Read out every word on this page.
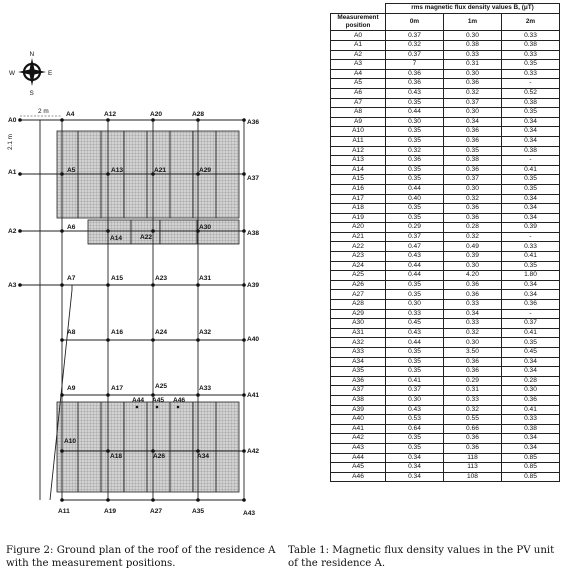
N
S
W	E
2 m
2.1 m
A0
A1
A2
A3
A4
A5
A6
A7
A8
A9
A10
A11
A12
A13
A14
A15
A16
A17
A18
A19
A20
A21
A22
A23
A24
A25
A26
A27
A28
A29
A30
A31
A32
A33
A34
A35
A36
A37
A38
A39
A40
A41
A42
A43
A44 A45 A46
	rms magnetic flux density values B, (μT)		
Measurement position	0m	1m	2m
A0	0.37	0.30	0.33
A1	0.32	0.38	0.38
A2	0.37	0.33	0.33
A3	7	0.31	0.35
A4	0.36	0.30	0.33
A5	0.36	0.36	-
A6	0.43	0.32	0.52
A7	0.35	0.37	0.38
A8	0.44	0.30	0.35
A9	0.30	0.34	0.34
A10	0.35	0.36	0.34
A11	0.35	0.36	0.34
A12	0.32	0.35	0.38
A13	0.36	0.38	-
A14	0.35	0.36	0.41
A15	0.35	0.37	0.35
A16	0.44	0.30	0.35
A17	0.40	0.32	0.34
A18	0.35	0.36	0.34
A19	0.35	0.36	0.34
A20	0.29	0.28	0.39
A21	0.37	0.32	-
A22	0.47	0.49	0.33
A23	0.43	0.39	0.41
A24	0.44	0.30	0.35
A25	0.44	4.20	1.80
A26	0.35	0.36	0.34
A27	0.35	0.36	0.34
A28	0.30	0.33	0.36
A29	0.33	0.34	-
A30	0.45	0.33	0.37
A31	0.43	0.32	0.41
A32	0.44	0.30	0.35
A33	0.35	3.50	0.45
A34	0.35	0.36	0.34
A35	0.35	0.36	0.34
A36	0.41	0.29	0.28
A37	0.37	0.31	0.30
A38	0.30	0.33	0.36
A39	0.43	0.32	0.41
A40	0.53	0.55	0.33
A41	0.64	0.66	0.38
A42	0.35	0.36	0.34
A43	0.35	0.36	0.34
A44	0.34	118	0.85
A45	0.34	113	0.85
A46	0.34	108	0.85
Figure 2: Ground plan of the roof of the residence A with the measurement positions.
Table 1: Magnetic flux density values in the PV unit of the residence A.
